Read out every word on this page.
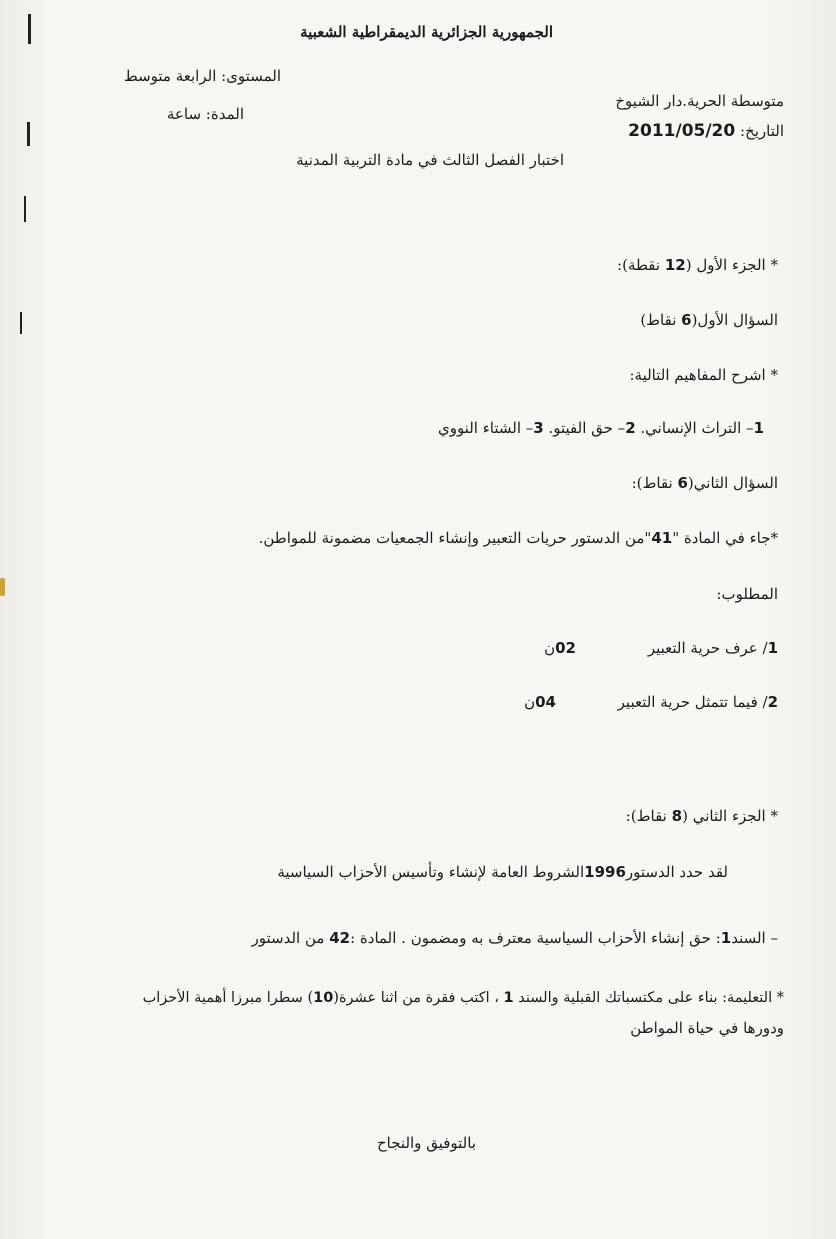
الجمهورية الجزائرية الديمقراطية الشعبية
المستوى: الرابعة متوسط
متوسطة الحرية.دار الشيوخ
المدة: ساعة
التاريخ: 2011/05/20
اختبار الفصل الثالث في مادة التربية المدنية
* الجزء الأول (12 نقطة):
السؤال الأول(6 نقاط)
* اشرح المفاهيم التالية:
1– التراث الإنساني. 2– حق الفيتو. 3– الشتاء النووي
السؤال الثاني(6 نقاط):
*جاء في المادة "41"من الدستور حريات التعبير وإنشاء الجمعيات مضمونة للمواطن.
المطلوب:
1/ عرف حرية التعبير
02ن
2/ فيما تتمثل حرية التعبير
04ن
* الجزء الثاني (8 نقاط):
لقد حدد الدستور1996الشروط العامة لإنشاء وتأسيس الأحزاب السياسية
– السند1: حق إنشاء الأحزاب السياسية معترف به ومضمون . المادة :42 من الدستور
* التعليمة: بناء على مكتسباتك القبلية والسند 1 ، اكتب فقرة من اثنا عشرة(10) سطرا مبرزا أهمية الأحزاب
ودورها في حياة المواطن
بالتوفيق والنجاح
